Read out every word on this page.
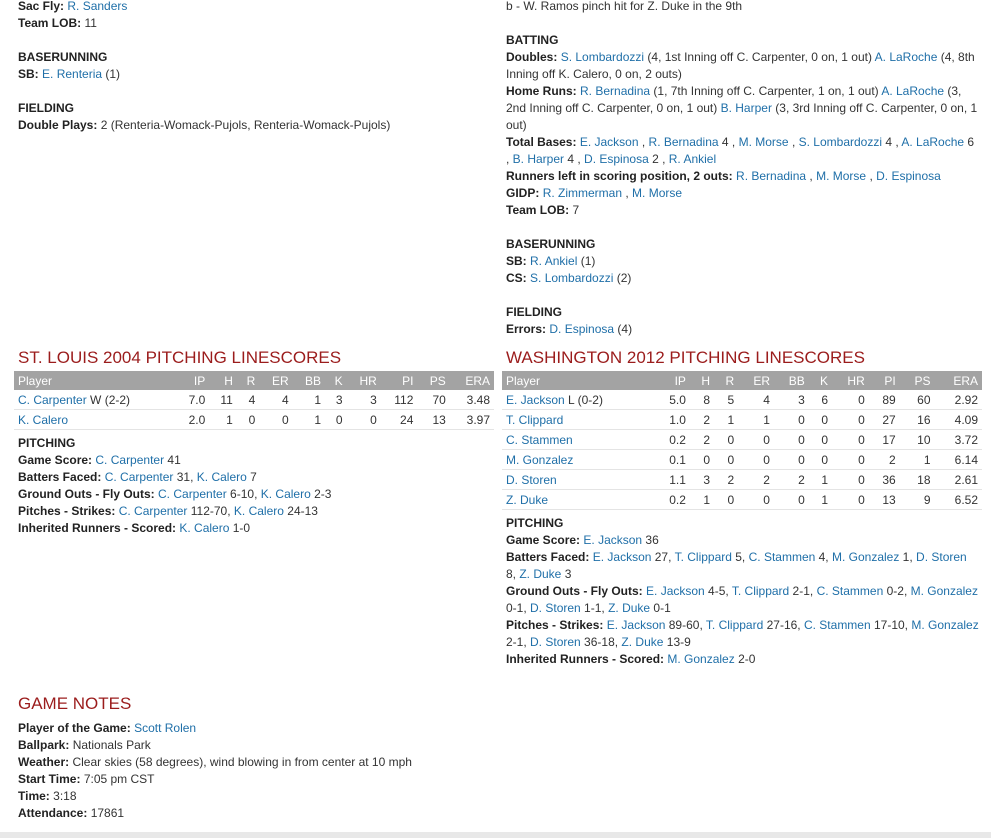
Sac Fly: R. Sanders

Team LOB: 11

BASERUNNING

SB: E. Renteria (1)

FIELDING

Double Plays: 2 (Renteria-Womack-Pujols, Renteria-Womack-Pujols)

ST. LOUIS 2004 PITCHING LINESCORES
Player	IP	H	R	ER	BB	K	HR	PI	PS	ERA
C. Carpenter W (2-2)	7.0	11	4	4	1	3	3	112	70	3.48
K. Calero	2.0	1	0	0	1	0	0	24	13	3.97

PITCHING

Game Score: C. Carpenter 41

Batters Faced: C. Carpenter 31, K. Calero 7

Ground Outs - Fly Outs: C. Carpenter 6-10, K. Calero 2-3

Pitches - Strikes: C. Carpenter 112-70, K. Calero 24-13

Inherited Runners - Scored: K. Calero 1-0

GAME NOTES

Player of the Game: Scott Rolen

Ballpark: Nationals Park

Weather: Clear skies (58 degrees), wind blowing in from center at 10 mph

Start Time: 7:05 pm CST

Time: 3:18

Attendance: 17861

b - W. Ramos pinch hit for Z. Duke in the 9th

BATTING

Doubles: S. Lombardozzi (4, 1st Inning off C. Carpenter, 0 on, 1 out) A. LaRoche (4, 8th Inning off K. Calero, 0 on, 2 outs)

Home Runs: R. Bernadina (1, 7th Inning off C. Carpenter, 1 on, 1 out) A. LaRoche (3, 2nd Inning off C. Carpenter, 0 on, 1 out) B. Harper (3, 3rd Inning off C. Carpenter, 0 on, 1 out)

Total Bases: E. Jackson , R. Bernadina 4 , M. Morse , S. Lombardozzi 4 , A. LaRoche 6 , B. Harper 4 , D. Espinosa 2 , R. Ankiel

Runners left in scoring position, 2 outs: R. Bernadina , M. Morse , D. Espinosa

GIDP: R. Zimmerman , M. Morse

Team LOB: 7

BASERUNNING

SB: R. Ankiel (1)

CS: S. Lombardozzi (2)

FIELDING

Errors: D. Espinosa (4)

WASHINGTON 2012 PITCHING LINESCORES
Player	IP	H	R	ER	BB	K	HR	PI	PS	ERA
E. Jackson L (0-2)	5.0	8	5	4	3	6	0	89	60	2.92
T. Clippard	1.0	2	1	1	0	0	0	27	16	4.09
C. Stammen	0.2	2	0	0	0	0	0	17	10	3.72
M. Gonzalez	0.1	0	0	0	0	0	0	2	1	6.14
D. Storen	1.1	3	2	2	2	1	0	36	18	2.61
Z. Duke	0.2	1	0	0	0	1	0	13	9	6.52

PITCHING

Game Score: E. Jackson 36

Batters Faced: E. Jackson 27, T. Clippard 5, C. Stammen 4, M. Gonzalez 1, D. Storen 8, Z. Duke 3

Ground Outs - Fly Outs: E. Jackson 4-5, T. Clippard 2-1, C. Stammen 0-2, M. Gonzalez 0-1, D. Storen 1-1, Z. Duke 0-1

Pitches - Strikes: E. Jackson 89-60, T. Clippard 27-16, C. Stammen 17-10, M. Gonzalez 2-1, D. Storen 36-18, Z. Duke 13-9

Inherited Runners - Scored: M. Gonzalez 2-0
